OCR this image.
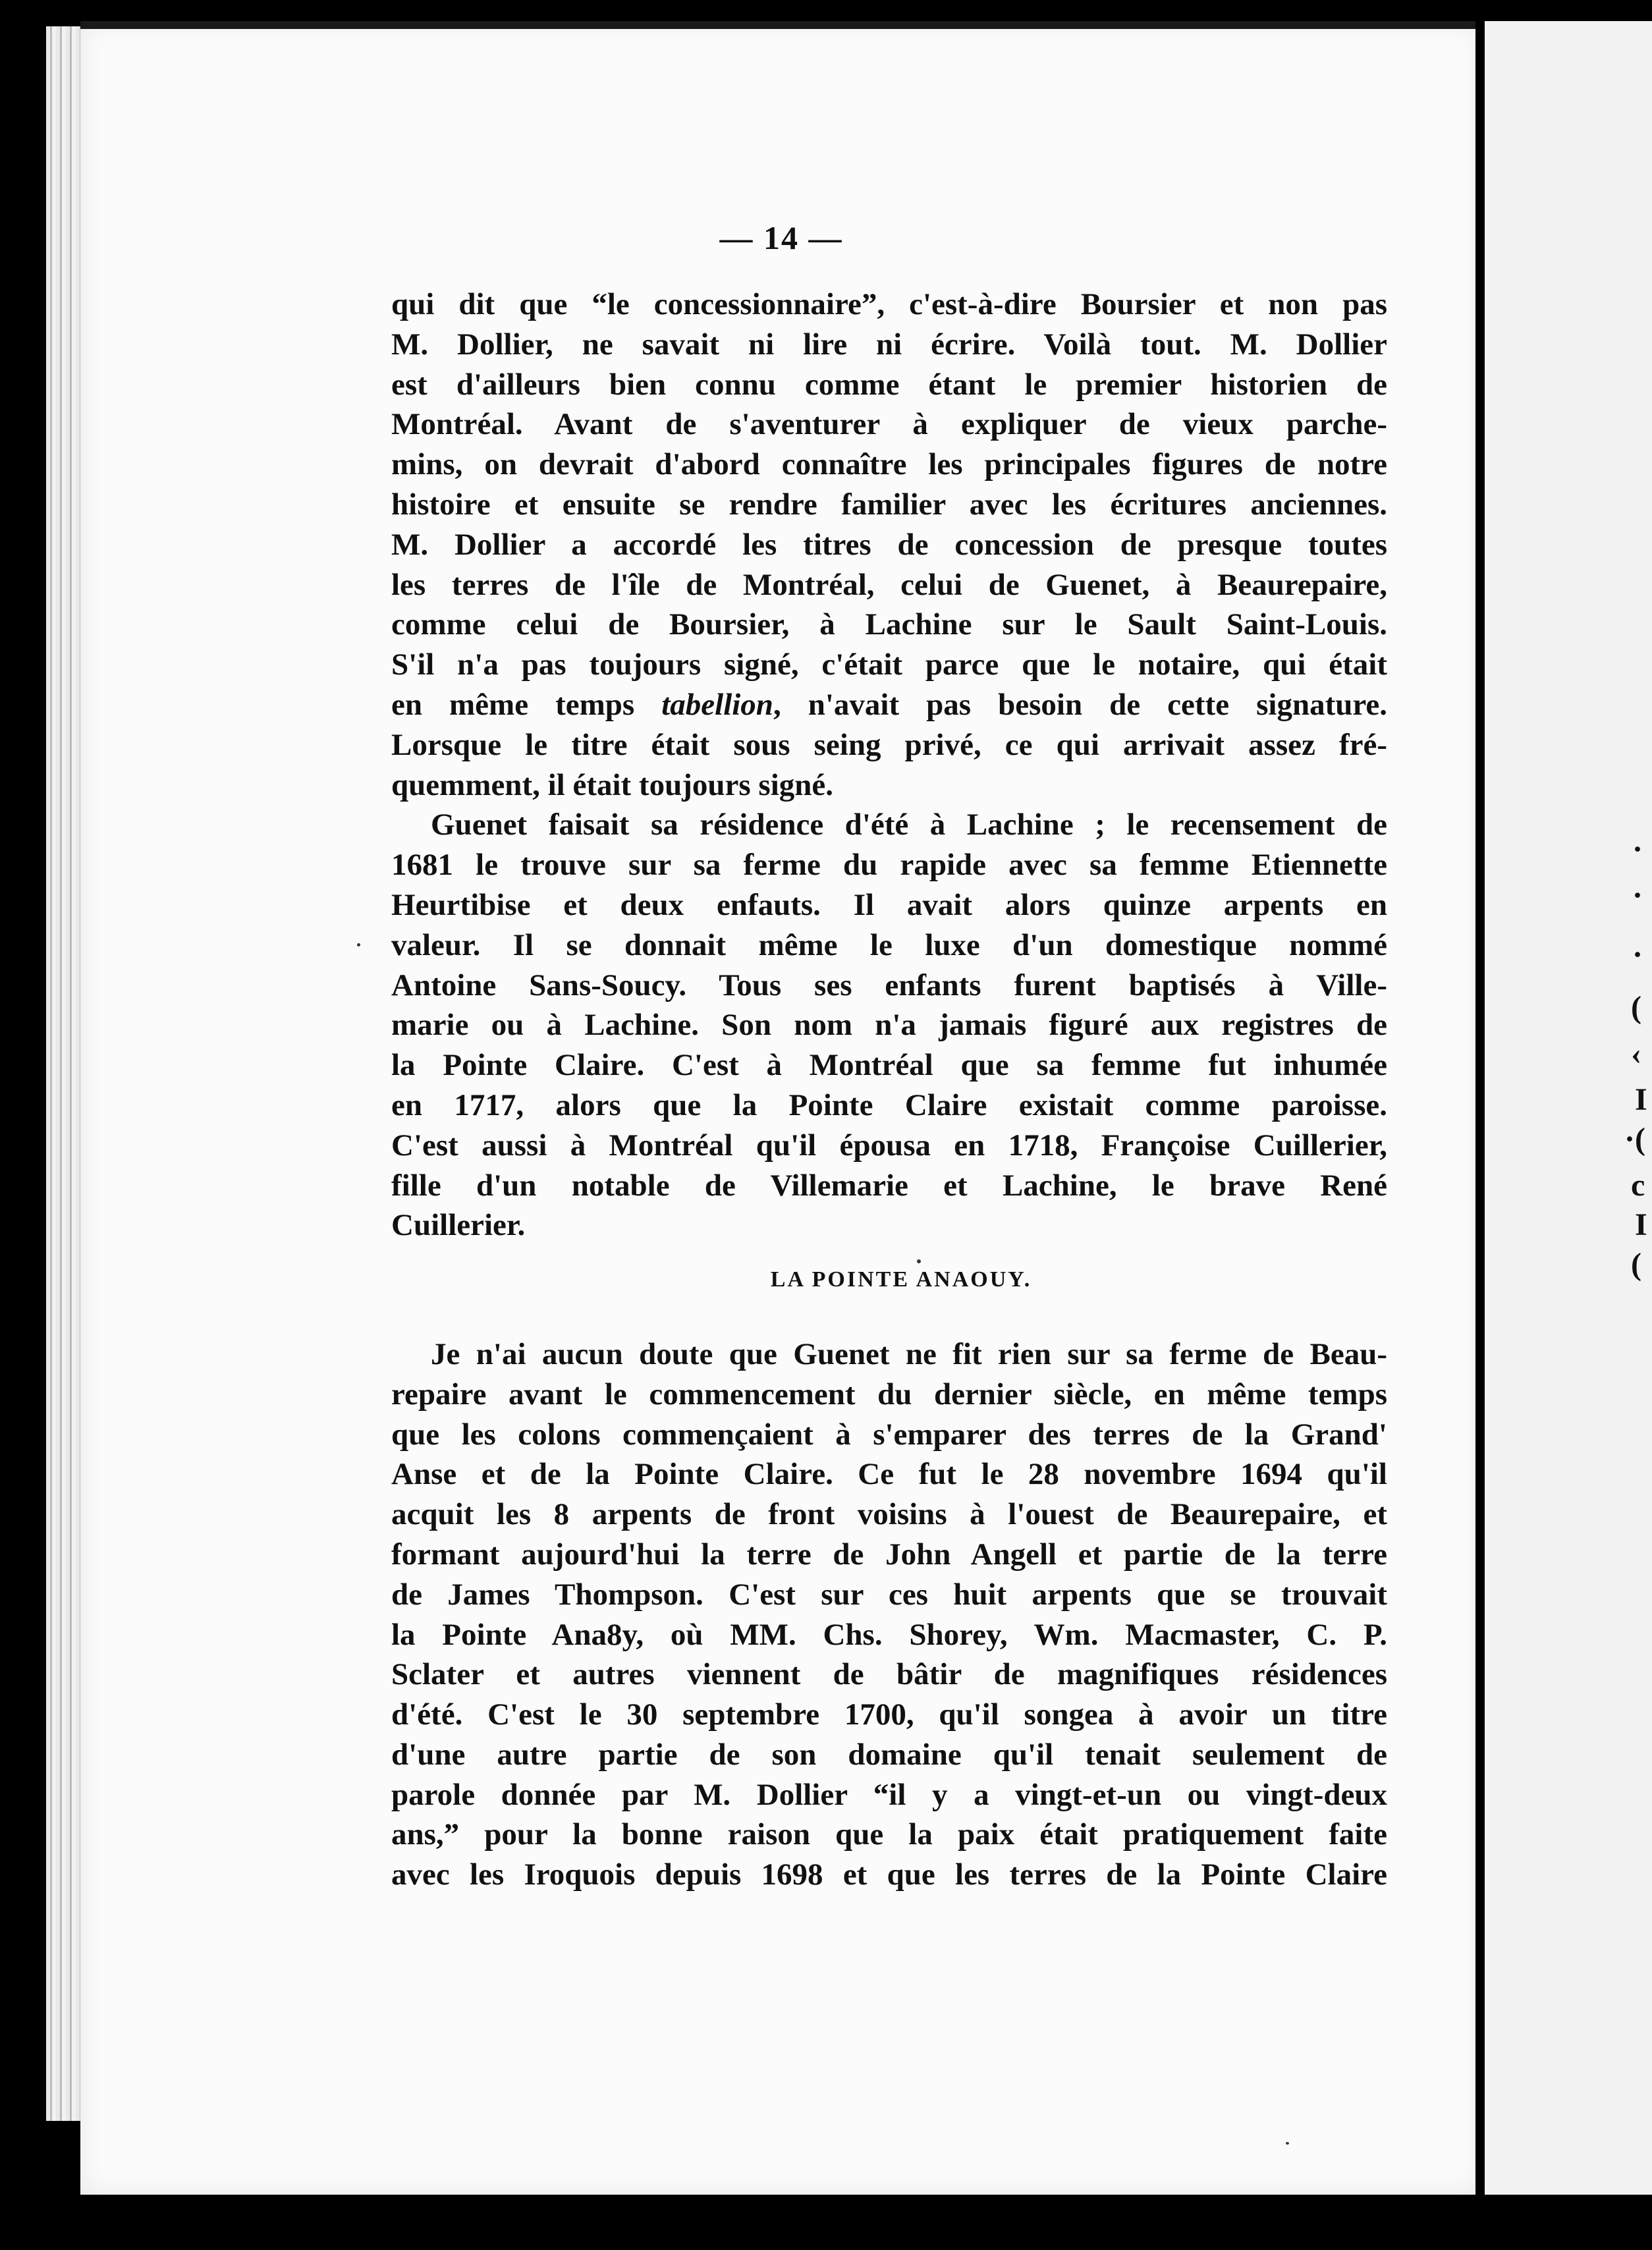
— 14 —
qui dit que “le concessionnaire”, c'est-à-dire Boursier et non pas
M. Dollier, ne savait ni lire ni écrire. Voilà tout. M. Dollier
est d'ailleurs bien connu comme étant le premier historien de
Montréal. Avant de s'aventurer à expliquer de vieux parche-
mins, on devrait d'abord connaître les principales figures de notre
histoire et ensuite se rendre familier avec les écritures anciennes.
M. Dollier a accordé les titres de concession de presque toutes
les terres de l'île de Montréal, celui de Guenet, à Beaurepaire,
comme celui de Boursier, à Lachine sur le Sault Saint-Louis.
S'il n'a pas toujours signé, c'était parce que le notaire, qui était
en même temps tabellion, n'avait pas besoin de cette signature.
Lorsque le titre était sous seing privé, ce qui arrivait assez fré-
quemment, il était toujours signé.
Guenet faisait sa résidence d'été à Lachine ; le recensement de
1681 le trouve sur sa ferme du rapide avec sa femme Etiennette
Heurtibise et deux enfauts. Il avait alors quinze arpents en
valeur. Il se donnait même le luxe d'un domestique nommé
Antoine Sans-Soucy. Tous ses enfants furent baptisés à Ville-
marie ou à Lachine. Son nom n'a jamais figuré aux registres de
la Pointe Claire. C'est à Montréal que sa femme fut inhumée
en 1717, alors que la Pointe Claire existait comme paroisse.
C'est aussi à Montréal qu'il épousa en 1718, Françoise Cuillerier,
fille d'un notable de Villemarie et Lachine, le brave René
Cuillerier.
LA POINTE ANAOUY.
Je n'ai aucun doute que Guenet ne fit rien sur sa ferme de Beau-
repaire avant le commencement du dernier siècle, en même temps
que les colons commençaient à s'emparer des terres de la Grand'
Anse et de la Pointe Claire. Ce fut le 28 novembre 1694 qu'il
acquit les 8 arpents de front voisins à l'ouest de Beaurepaire, et
formant aujourd'hui la terre de John Angell et partie de la terre
de James Thompson. C'est sur ces huit arpents que se trouvait
la Pointe Ana8y, où MM. Chs. Shorey, Wm. Macmaster, C. P.
Sclater et autres viennent de bâtir de magnifiques résidences
d'été. C'est le 30 septembre 1700, qu'il songea à avoir un titre
d'une autre partie de son domaine qu'il tenait seulement de
parole donnée par M. Dollier “il y a vingt-et-un ou vingt-deux
ans,” pour la bonne raison que la paix était pratiquement faite
avec les Iroquois depuis 1698 et que les terres de la Pointe Claire
·
·
‹
(
I
·(
c
I
(
·
